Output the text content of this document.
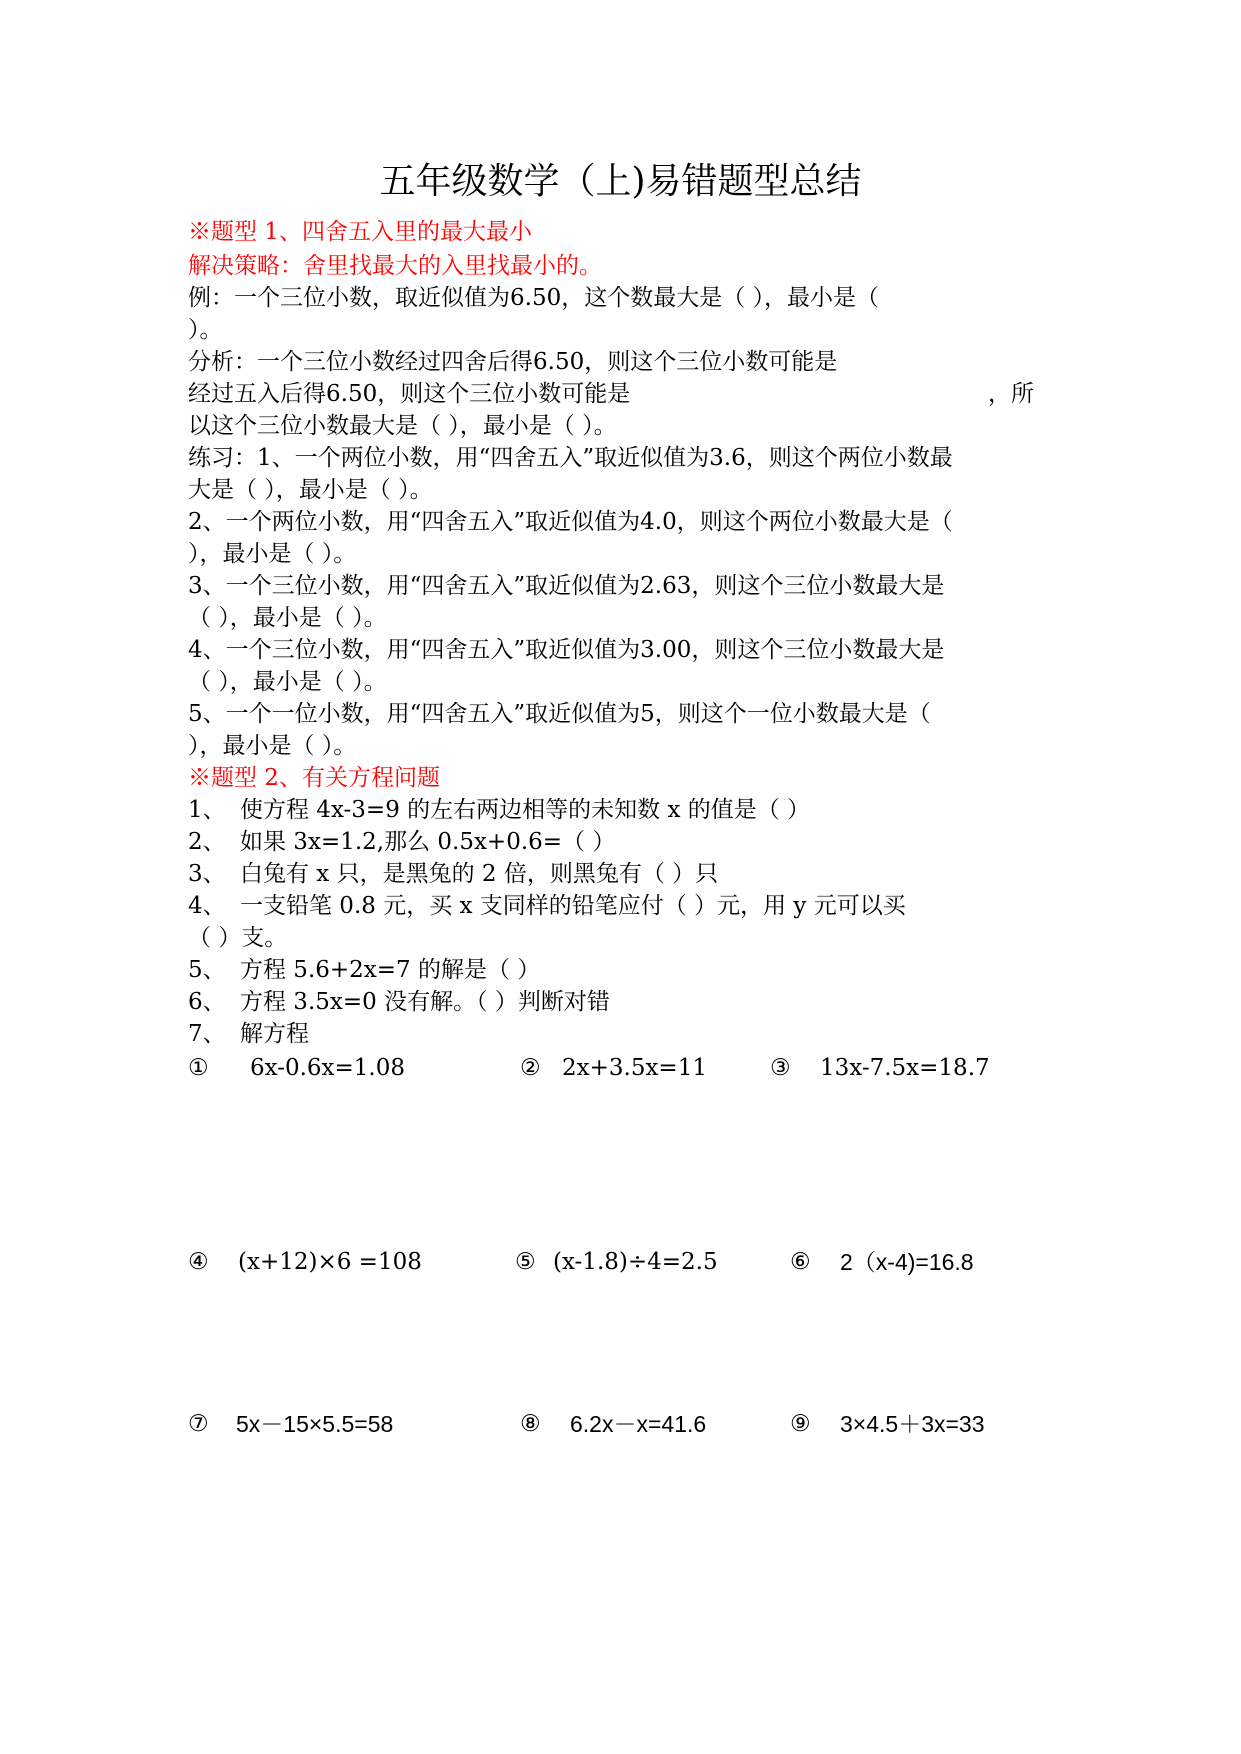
五年级数学（上)易错题型总结
※题型 1、四舍五入里的最大最小
解决策略：舍里找最大的入里找最小的。
例：一个三位小数，取近似值为6.50，这个数最大是（ ），最小是（
）。
分析：一个三位小数经过四舍后得6.50，则这个三位小数可能是
经过五入后得6.50，则这个三位小数可能是	，所
以这个三位小数最大是（ ），最小是（ ）。
练习：1、一个两位小数，用“四舍五入”取近似值为3.6，则这个两位小数最
大是（ ），最小是（ ）。
2、一个两位小数，用“四舍五入”取近似值为4.0，则这个两位小数最大是（
），最小是（ ）。
3、一个三位小数，用“四舍五入”取近似值为2.63，则这个三位小数最大是
（ ），最小是（ ）。
4、一个三位小数，用“四舍五入”取近似值为3.00，则这个三位小数最大是
（ ），最小是（ ）。
5、一个一位小数，用“四舍五入”取近似值为5，则这个一位小数最大是（
），最小是（ ）。
※题型 2、有关方程问题
1、 使方程 4x-3=9 的左右两边相等的未知数 x 的值是（ ）
2、 如果 3x=1.2,那么 0.5x+0.6=（ ）
3、 白兔有 x 只，是黑兔的 2 倍，则黑兔有（ ）只
4、 一支铅笔 0.8 元，买 x 支同样的铅笔应付（ ）元，用 y 元可以买
（ ）支。
5、 方程 5.6+2x=7 的解是（ ）
6、 方程 3.5x=0 没有解。（ ）判断对错
7、 解方程
① 6x-0.6x=1.08	② 2x+3.5x=11	③ 13x-7.5x=18.7
④ (x+12)×6 =108	⑤ (x-1.8)÷4=2.5	⑥ 2（x-4)=16.8
⑦ 5x－15×5.5=58	⑧ 6.2x－x=41.6	⑨ 3×4.5＋3x=33
